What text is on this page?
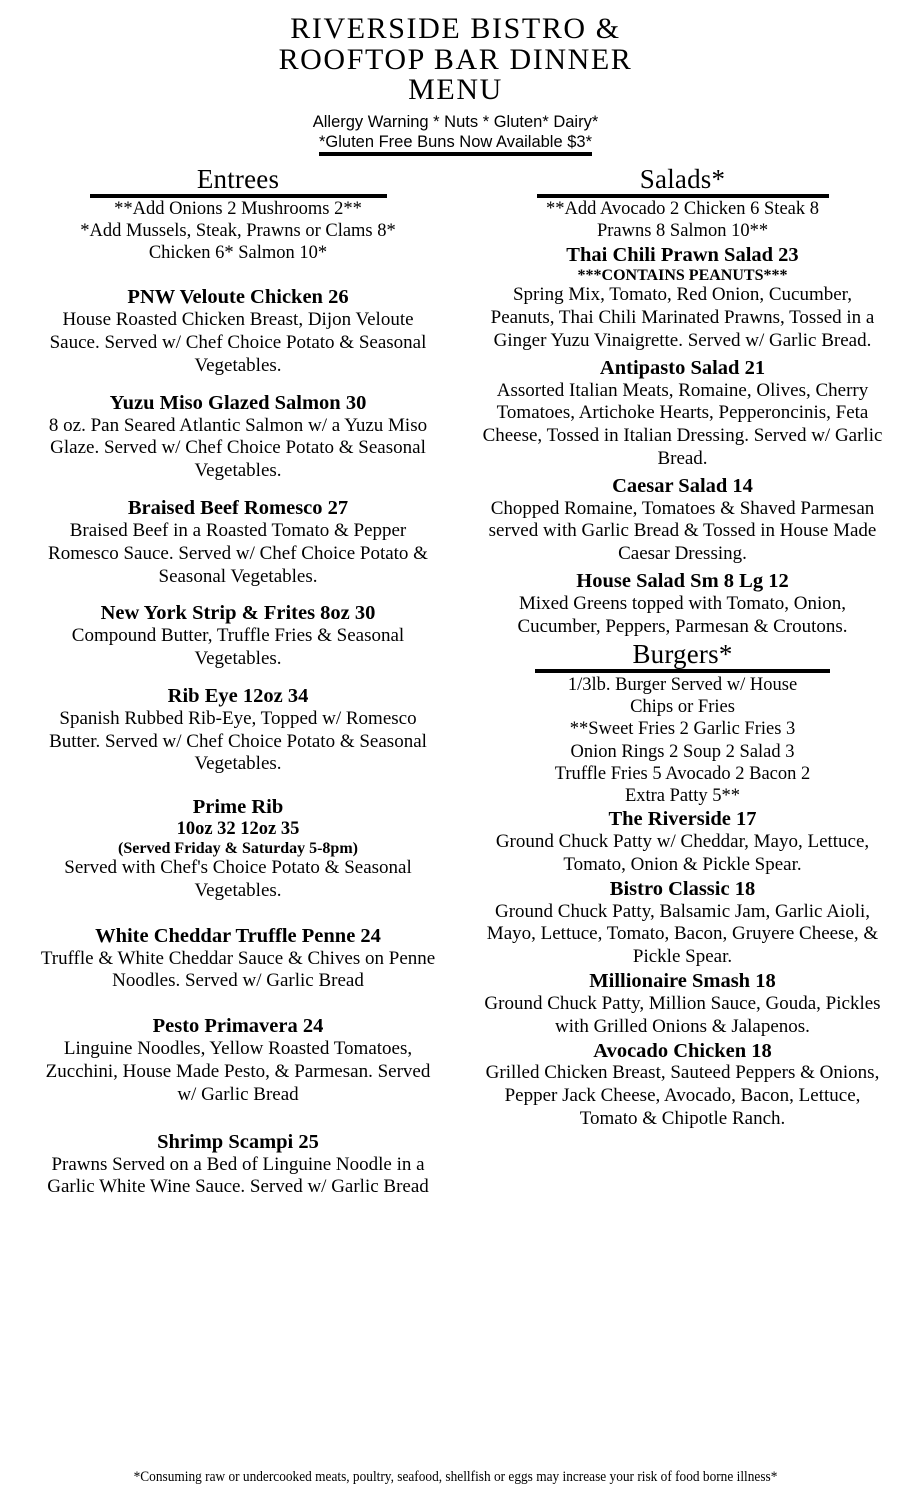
RIVERSIDE BISTRO &
ROOFTOP BAR DINNER
MENU
Allergy Warning * Nuts * Gluten* Dairy*
*Gluten Free Buns Now Available $3*
Entrees
**Add Onions 2 Mushrooms 2**
*Add Mussels, Steak, Prawns or Clams 8*
Chicken 6* Salmon 10*
PNW Veloute Chicken 26
House Roasted Chicken Breast, Dijon Veloute Sauce. Served w/ Chef Choice Potato & Seasonal Vegetables.
Yuzu Miso Glazed Salmon 30
8 oz. Pan Seared Atlantic Salmon w/ a Yuzu Miso Glaze. Served w/ Chef Choice Potato & Seasonal Vegetables.
Braised Beef Romesco 27
Braised Beef in a Roasted Tomato & Pepper Romesco Sauce. Served w/ Chef Choice Potato & Seasonal Vegetables.
New York Strip & Frites 8oz 30
Compound Butter, Truffle Fries & Seasonal Vegetables.
Rib Eye 12oz 34
Spanish Rubbed Rib-Eye, Topped w/ Romesco Butter. Served w/ Chef Choice Potato & Seasonal Vegetables.
Prime Rib
10oz 32 12oz 35
(Served Friday & Saturday 5-8pm)
Served with Chef's Choice Potato & Seasonal Vegetables.
White Cheddar Truffle Penne 24
Truffle & White Cheddar Sauce & Chives on Penne Noodles. Served w/ Garlic Bread
Pesto Primavera 24
Linguine Noodles, Yellow Roasted Tomatoes, Zucchini, House Made Pesto, & Parmesan. Served w/ Garlic Bread
Shrimp Scampi 25
Prawns Served on a Bed of Linguine Noodle in a Garlic White Wine Sauce. Served w/ Garlic Bread
Salads*
**Add Avocado 2 Chicken 6 Steak 8
Prawns 8 Salmon 10**
Thai Chili Prawn Salad 23
***CONTAINS PEANUTS***
Spring Mix, Tomato, Red Onion, Cucumber, Peanuts, Thai Chili Marinated Prawns, Tossed in a Ginger Yuzu Vinaigrette. Served w/ Garlic Bread.
Antipasto Salad 21
Assorted Italian Meats, Romaine, Olives, Cherry Tomatoes, Artichoke Hearts, Pepperoncinis, Feta Cheese, Tossed in Italian Dressing. Served w/ Garlic Bread.
Caesar Salad 14
Chopped Romaine, Tomatoes & Shaved Parmesan served with Garlic Bread & Tossed in House Made Caesar Dressing.
House Salad Sm 8 Lg 12
Mixed Greens topped with Tomato, Onion, Cucumber, Peppers, Parmesan & Croutons.
Burgers*
1/3lb. Burger Served w/ House
Chips or Fries
**Sweet Fries 2 Garlic Fries 3
Onion Rings 2 Soup 2 Salad 3
Truffle Fries 5 Avocado 2 Bacon 2
Extra Patty 5**
The Riverside 17
Ground Chuck Patty w/ Cheddar, Mayo, Lettuce, Tomato, Onion & Pickle Spear.
Bistro Classic 18
Ground Chuck Patty, Balsamic Jam, Garlic Aioli, Mayo, Lettuce, Tomato, Bacon, Gruyere Cheese, & Pickle Spear.
Millionaire Smash 18
Ground Chuck Patty, Million Sauce, Gouda, Pickles with Grilled Onions & Jalapenos.
Avocado Chicken 18
Grilled Chicken Breast, Sauteed Peppers & Onions, Pepper Jack Cheese, Avocado, Bacon, Lettuce, Tomato & Chipotle Ranch.
*Consuming raw or undercooked meats, poultry, seafood, shellfish or eggs may increase your risk of food borne illness*
